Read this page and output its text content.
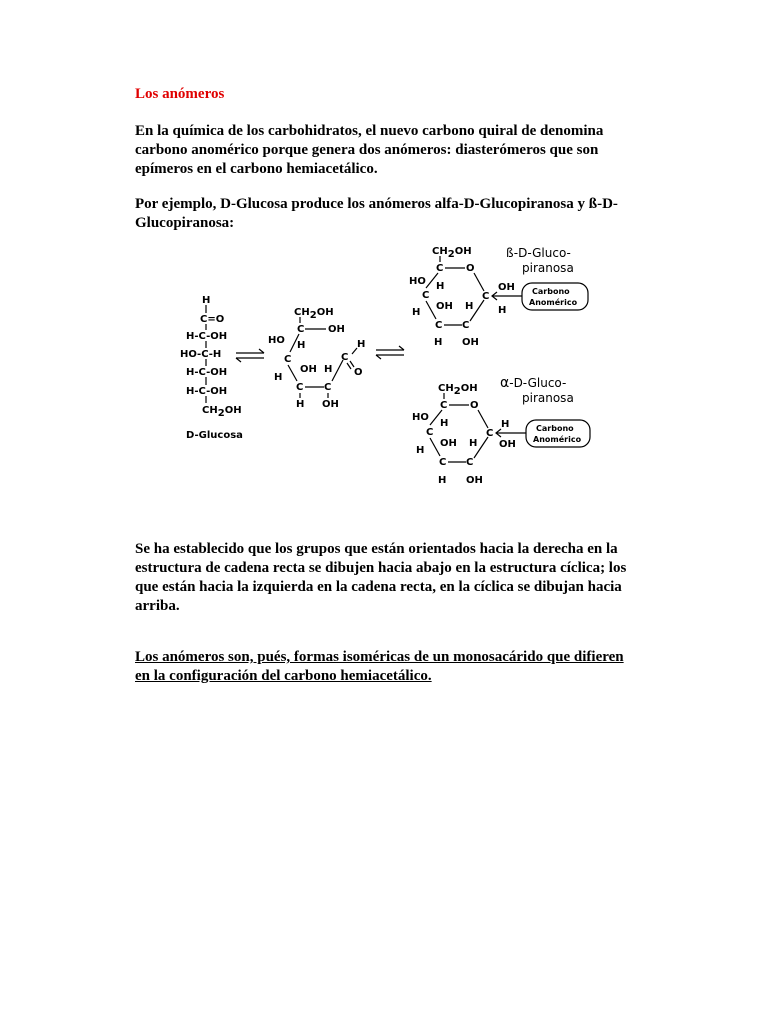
Los anómeros

En la química de los carbohidratos, el nuevo carbono quiral de denomina carbono anomérico porque genera dos anómeros: diasterómeros que son epímeros en el carbono hemiacetálico.

Por ejemplo, D-Glucosa produce los anómeros alfa-D-Glucopiranosa y ß-D-Glucopiranosa:

H
C=O
H-C-OH
HO-C-H
H-C-OH
H-C-OH
CH2OH
D-Glucosa
CH2OH
C OH
H
HO
C
H
OH
C C
H
H
OH
C
H
O
CH2OH
C O
HO H
C
H
OH
C C
H
H
OH
C
OH
H
Carbono
Anomérico
ß-D-Gluco-
piranosa
CH2OH
C O
HO
H
C
H
OH
C C
H
H
OH
C
H
OH
Carbono
Anomérico
α-D-Gluco-
piranosa

Se ha establecido que los grupos que están orientados hacia la derecha en la estructura de cadena recta se dibujen hacia abajo en la estructura cíclica; los que están hacia la izquierda en la cadena recta, en la cíclica se dibujan hacia arriba.

Los anómeros son, pués, formas isoméricas de un monosacárido que difieren en la configuración del carbono hemiacetálico.
